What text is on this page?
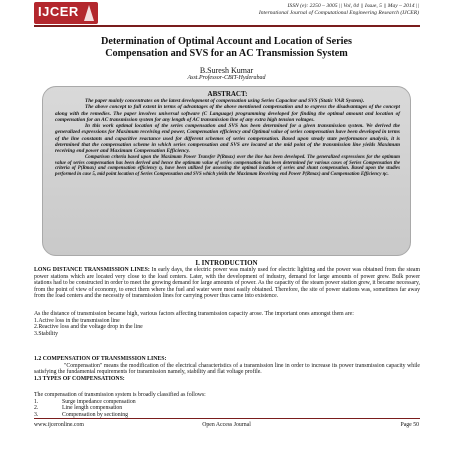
IJCER	ISSN (e): 2250 – 3005 || Vol, 04 || Issue, 5 || May – 2014 ||
International Journal of Computational Engineering Research (IJCER)
Determination of Optimal Account and Location of Series
Compensation and SVS for an AC Transmission System
B.Suresh Kumar
Asst.Professor-CBIT-Hyderabad
ABSTRACT:

The paper mainly concentrates on the latest development of compensation using Series Capacitor and SVS (Static VAR System).

The above concept to full extent in terms of advantages of the above mentioned compensation and to express the disadvantages of the concept along with the remedies. The paper involves universal software (C Language) programming developed for finding the optimal amount and location of compensation for an AC transmission system for any length of AC transmission line of any extra high tension voltages.

In this work optimal location of the series compensation and SVS has been determined for a given transmission system. We derived the generalized expressions for Maximum receiving end power, Compensation efficiency and Optimal value of series compensation have been developed in terms of the line constants and capacitive reactance used for different schemes of series compensation. Based upon steady state performance analysis, it is determined that the compensation scheme in which series compensation and SVS are located at the mid point of the transmission line yields Maximum receiving end power and Maximum Compensation Efficiency.

Comparison criteria based upon the Maximum Power Transfer P(Rmax) over the line has been developed. The generalized expressions for the optimum value of series compensation has been derived and hence the optimum value of series compensation has been determined for various cases of Series Compensation the criteria of P(Rmax) and compensation efficiency η, have been utilized for assessing the optimal location of series and shunt compensation. Based upon the studies performed in case 5, mid point location of Series Compensation and SVS which yields the Maximum Receiving end Power P(Rmax) and Compensation Efficiency ηc.

I. INTRODUCTION
LONG DISTANCE TRANSMISSION LINES: In early days, the electric power was mainly used for electric lighting and the power was obtained from the steam power stations which are located very close to the load centers. Later, with the development of industry, demand for large amounts of power grew. Bulk power stations had to be constructed in order to meet the growing demand for large amounts of power. As the capacity of the steam power station grew, it became necessary, from the point of view of economy, to erect them where the fuel and water were most easily obtained. Therefore, the site of power stations was, sometimes far away from the load centers and the necessity of transmission lines for carrying power thus came into existence.
As the distance of transmission became high, various factors affecting transmission capacity arose. The important ones amongst them are:
1.Active loss in the transmission line
2.Reactive loss and the voltage drop in the line
3.Stability
1.2 COMPENSATION OF TRANSMISSION LINES:
"Compensation" means the modification of the electrical characteristics of a transmission line in order to increase its power transmission capacity while satisfying the fundamental requirements for transmission namely, stability and flat voltage profile.
1.3 TYPES OF COMPENSATIONS:
The compensation of transmission system is broadly classified as follows:
1.	Surge impedance compensation
2.	Line length compensation
3.	Compensation by sectioning
www.ijceronline.com	Open Access Journal	Page 50
